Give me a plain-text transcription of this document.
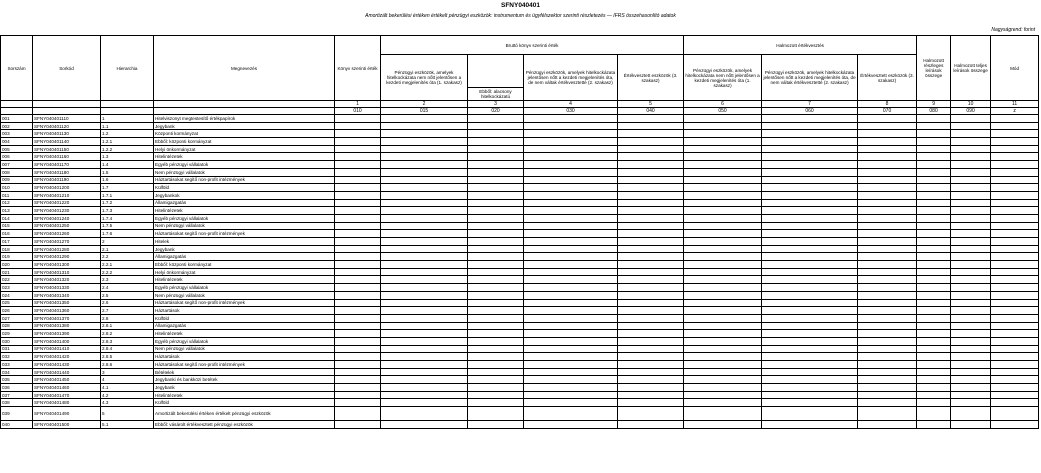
SFNY040401
Amortizált bekerülési értéken értékelt pénzügyi eszközök: instrumentum és ügyfélszektor szerinti részletezés — IFRS összehasonlító adatok
Nagyságrend: forint
Sorszám	Sorkód	Hierarchia	Megnevezés	Könyv szerinti érték	Bruttó könyv szerinti érték				Halmozott értékvesztés			Halmozott részleges leírások összege	Halmozott teljes leírások összege	Mód
					Pénzügyi eszközök, amelyek hitelkockázata nem nőtt jelentősen a kezdeti megjelenítés óta (1. szakasz)		Pénzügyi eszközök, amelyek hitelkockázata jelentősen nőtt a kezdeti megjelenítés óta, de nem váltak értékvesztetté (2. szakasz)	Értékvesztett eszközök (3. szakasz)	Pénzügyi eszközök, amelyek hitelkockázata nem nőtt jelentősen a kezdeti megjelenítés óta (1. szakasz)	Pénzügyi eszközök, amelyek hitelkockázata jelentősen nőtt a kezdeti megjelenítés óta, de nem váltak értékvesztetté (2. szakasz)	Értékvesztett eszközök (3. szakasz)			
						Ebből: alacsony hitelkockázatú								
				1	2	3	4	5	6	7	8	9	10	11
				010	015	020	030	040	050	060	070	080	090	z
001	SFNY040401110	1	Hitelviszonyt megtestesítő értékpapírok											
002	SFNY040401120	1.1	Jegybank											
003	SFNY040401130	1.2	Központi kormányzat											
004	SFNY040401140	1.2.1	Ebből: központi kormányzat											
005	SFNY040401150	1.2.2	Helyi önkormányzat											
006	SFNY040401160	1.3	Hitelintézetek											
007	SFNY040401170	1.4	Egyéb pénzügyi vállalatok											
008	SFNY040401180	1.5	Nem pénzügyi vállalatok											
009	SFNY040401190	1.6	Háztartásokat segítő non-profit intézmények											
010	SFNY040401200	1.7	Külföld											
011	SFNY040401210	1.7.1	Jegybankok											
012	SFNY040401220	1.7.2	Államigazgatás											
013	SFNY040401230	1.7.3	Hitelintézetek											
014	SFNY040401240	1.7.4	Egyéb pénzügyi vállalatok											
015	SFNY040401250	1.7.5	Nem pénzügyi vállalatok											
016	SFNY040401260	1.7.6	Háztartásokat segítő non-profit intézmények											
017	SFNY040401270	2	Hitelek											
018	SFNY040401280	2.1	Jegybank											
019	SFNY040401290	2.2	Államigazgatás											
020	SFNY040401300	2.2.1	Ebből: központi kormányzat											
021	SFNY040401310	2.2.2	Helyi önkormányzat											
022	SFNY040401320	2.3	Hitelintézetek											
023	SFNY040401330	2.4	Egyéb pénzügyi vállalatok											
024	SFNY040401340	2.5	Nem pénzügyi vállalatok											
025	SFNY040401350	2.6	Háztartásokat segítő non-profit intézmények											
026	SFNY040401360	2.7	Háztartások											
027	SFNY040401370	2.8	Külföld											
028	SFNY040401380	2.8.1	Államigazgatás											
029	SFNY040401390	2.8.2	Hitelintézetek											
030	SFNY040401400	2.8.3	Egyéb pénzügyi vállalatok											
031	SFNY040401410	2.8.4	Nem pénzügyi vállalatok											
032	SFNY040401420	2.8.5	Háztartások											
033	SFNY040401430	2.8.6	Háztartásokat segítő non-profit intézmények											
034	SFNY040401440	3	Bétételek											
035	SFNY040401450	4	Jegybanki és bankközi betétek											
036	SFNY040401460	4.1	Jegybank											
037	SFNY040401470	4.2	Hitelintézetek											
038	SFNY040401480	4.3	Külföld											
039	SFNY040401490	5	Amortizált bekerülési értéken értékelt pénzügyi eszközök											
040	SFNY040401500	5.1	Ebből: vásárolt értékvesztett pénzügyi eszközök											
